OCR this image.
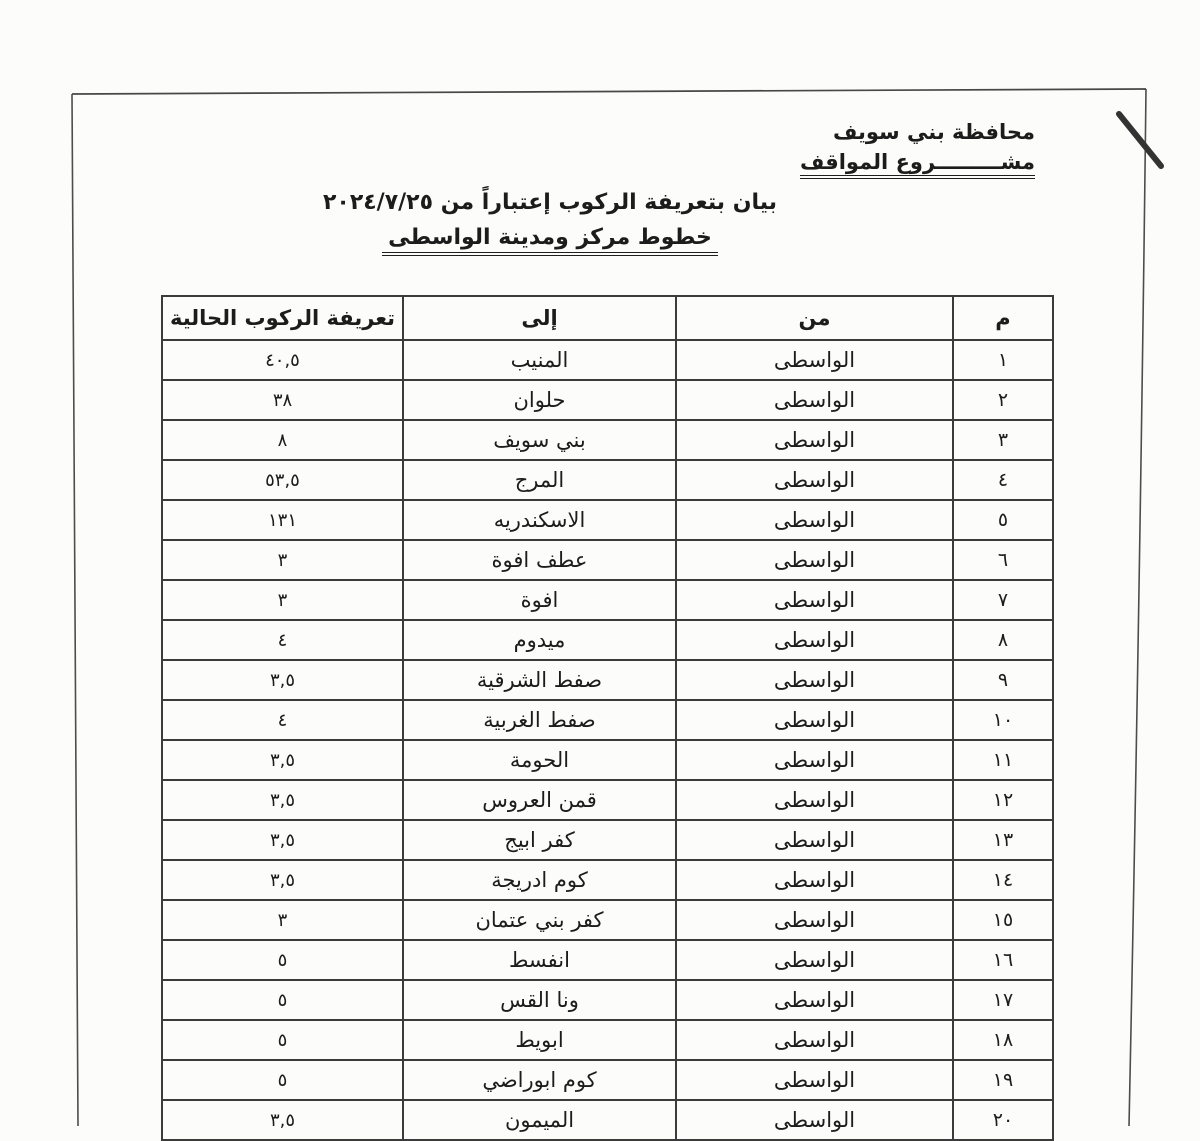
محافظة بني سويف
مشـــــــــروع المواقف
بيان بتعريفة الركوب إعتباراً من ٢٠٢٤/٧/٢٥
خطوط مركز ومدينة الواسطى
م	من	إلى	تعريفة الركوب الحالية
١	الواسطى	المنيب	٤٠,٥
٢	الواسطى	حلوان	٣٨
٣	الواسطى	بني سويف	٨
٤	الواسطى	المرج	٥٣,٥
٥	الواسطى	الاسكندريه	١٣١
٦	الواسطى	عطف افوة	٣
٧	الواسطى	افوة	٣
٨	الواسطى	ميدوم	٤
٩	الواسطى	صفط الشرقية	٣,٥
١٠	الواسطى	صفط الغربية	٤
١١	الواسطى	الحومة	٣,٥
١٢	الواسطى	قمن العروس	٣,٥
١٣	الواسطى	كفر ابيج	٣,٥
١٤	الواسطى	كوم ادريجة	٣,٥
١٥	الواسطى	كفر بني عتمان	٣
١٦	الواسطى	انفسط	٥
١٧	الواسطى	ونا القس	٥
١٨	الواسطى	ابويط	٥
١٩	الواسطى	كوم ابوراضي	٥
٢٠	الواسطى	الميمون	٣,٥
